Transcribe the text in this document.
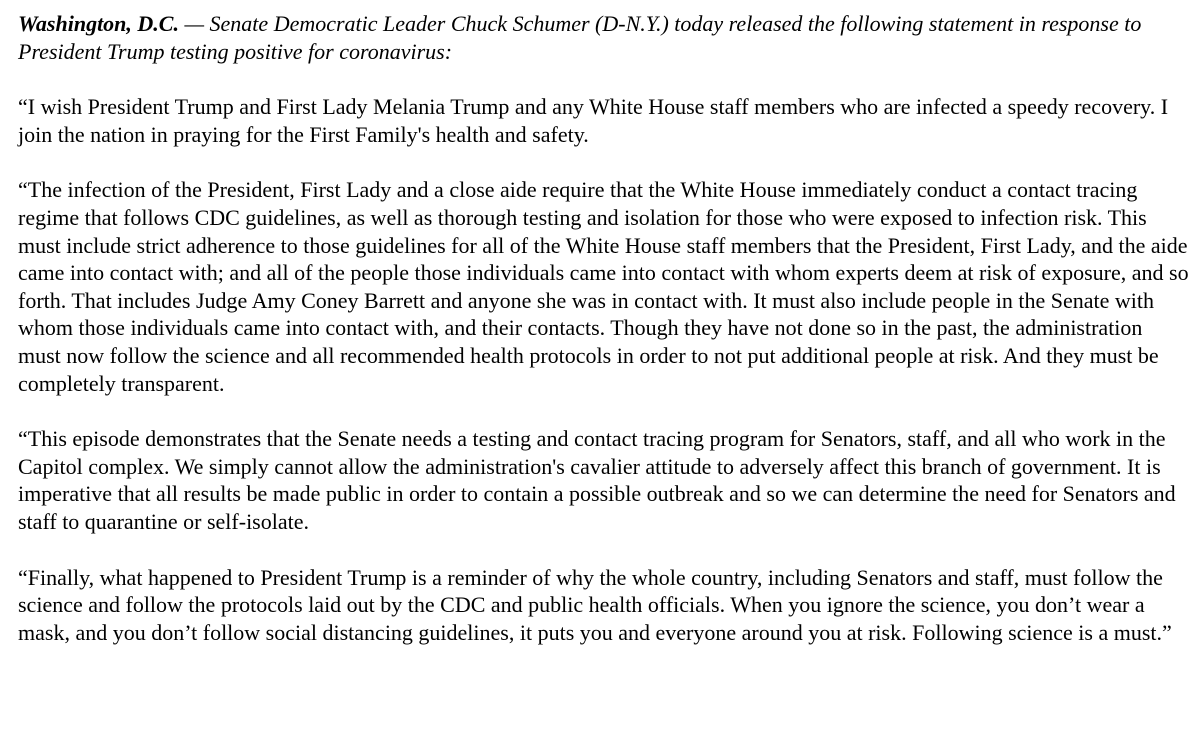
Washington, D.C. — Senate Democratic Leader Chuck Schumer (D-N.Y.) today released the following statement in response to President Trump testing positive for coronavirus:

“I wish President Trump and First Lady Melania Trump and any White House staff members who are infected a speedy recovery. I join the nation in praying for the First Family's health and safety.

“The infection of the President, First Lady and a close aide require that the White House immediately conduct a contact tracing regime that follows CDC guidelines, as well as thorough testing and isolation for those who were exposed to infection risk. This must include strict adherence to those guidelines for all of the White House staff members that the President, First Lady, and the aide came into contact with; and all of the people those individuals came into contact with whom experts deem at risk of exposure, and so forth. That includes Judge Amy Coney Barrett and anyone she was in contact with. It must also include people in the Senate with whom those individuals came into contact with, and their contacts. Though they have not done so in the past, the administration must now follow the science and all recommended health protocols in order to not put additional people at risk. And they must be completely transparent.

“This episode demonstrates that the Senate needs a testing and contact tracing program for Senators, staff, and all who work in the Capitol complex. We simply cannot allow the administration's cavalier attitude to adversely affect this branch of government. It is imperative that all results be made public in order to contain a possible outbreak and so we can determine the need for Senators and staff to quarantine or self-isolate.

“Finally, what happened to President Trump is a reminder of why the whole country, including Senators and staff, must follow the science and follow the protocols laid out by the CDC and public health officials. When you ignore the science, you don’t wear a mask, and you don’t follow social distancing guidelines, it puts you and everyone around you at risk. Following science is a must.”
